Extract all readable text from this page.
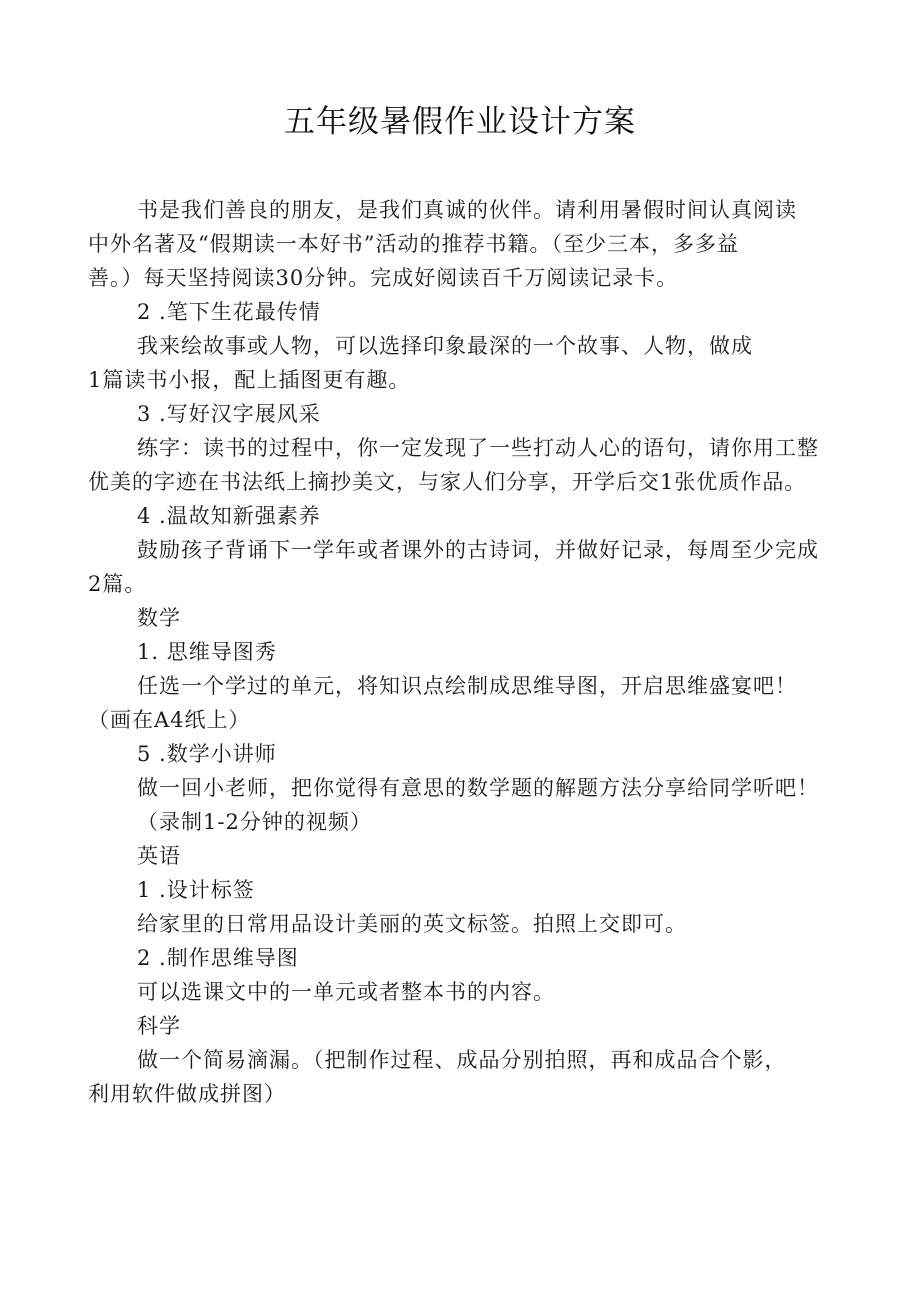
五年级暑假作业设计方案
书是我们善良的朋友，是我们真诚的伙伴。请利用暑假时间认真阅读
中外名著及“假期读一本好书”活动的推荐书籍。（至少三本，多多益
善。）每天坚持阅读30分钟。完成好阅读百千万阅读记录卡。
2 .笔下生花最传情
我来绘故事或人物，可以选择印象最深的一个故事、人物，做成
1篇读书小报，配上插图更有趣。
3 .写好汉字展风采
练字：读书的过程中，你一定发现了一些打动人心的语句，请你用工整
优美的字迹在书法纸上摘抄美文，与家人们分享，开学后交1张优质作品。
4 .温故知新强素养
鼓励孩子背诵下一学年或者课外的古诗词，并做好记录，每周至少完成
2篇。
数学
1. 思维导图秀
任选一个学过的单元，将知识点绘制成思维导图，开启思维盛宴吧！
（画在A4纸上）
5 .数学小讲师
做一回小老师，把你觉得有意思的数学题的解题方法分享给同学听吧！
（录制1-2分钟的视频）
英语
1 .设计标签
给家里的日常用品设计美丽的英文标签。拍照上交即可。
2 .制作思维导图
可以选课文中的一单元或者整本书的内容。
科学
做一个简易滴漏。（把制作过程、成品分别拍照，再和成品合个影，
利用软件做成拼图）
